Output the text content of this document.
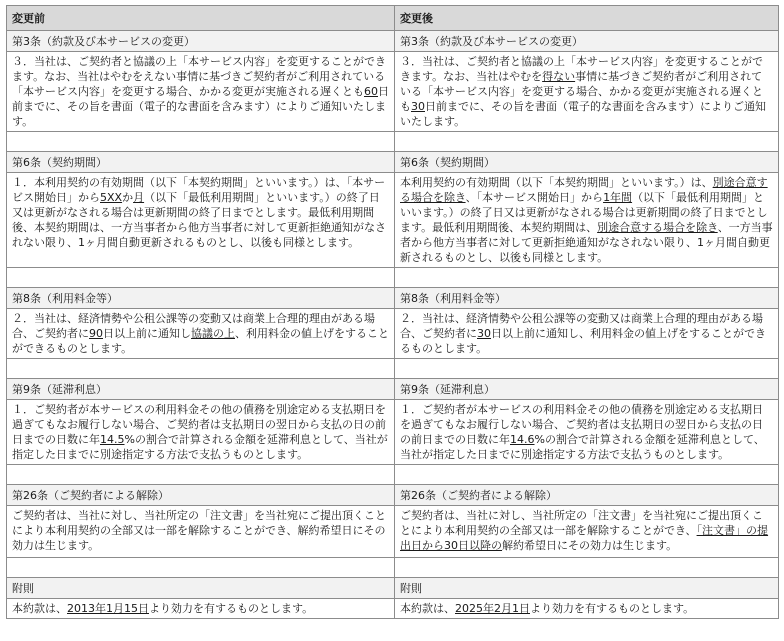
変更前	変更後
第3条（約款及び本サービスの変更）	第3条（約款及び本サービスの変更）
３．当社は、ご契約者と協議の上「本サービス内容」を変更することができます。なお、当社はやむをえない事情に基づきご契約者がご利用されている「本サービス内容」を変更する場合、かかる変更が実施される遅くとも60日前までに、その旨を書面（電子的な書面を含みます）によりご通知いたします。	３．当社は、ご契約者と協議の上「本サービス内容」を変更することができます。なお、当社はやむを得ない事情に基づきご契約者がご利用されている「本サービス内容」を変更する場合、かかる変更が実施される遅くとも30日前までに、その旨を書面（電子的な書面を含みます）によりご通知いたします。

第6条（契約期間）	第6条（契約期間）
１．本利用契約の有効期間（以下「本契約期間」といいます。）は、「本サービス開始日」から5XXか月（以下「最低利用期間」といいます。）の終了日又は更新がなされる場合は更新期間の終了日までとします。最低利用期間後、本契約期間は、一方当事者から他方当事者に対して更新拒絶通知がなされない限り、1ヶ月間自動更新されるものとし、以後も同様とします。	本利用契約の有効期間（以下「本契約期間」といいます。）は、別途合意する場合を除き、「本サービス開始日」から1年間（以下「最低利用期間」といいます。）の終了日又は更新がなされる場合は更新期間の終了日までとします。最低利用期間後、本契約期間は、別途合意する場合を除き、一方当事者から他方当事者に対して更新拒絶通知がなされない限り、1ヶ月間自動更新されるものとし、以後も同様とします。

第8条（利用料金等）	第8条（利用料金等）
２．当社は、経済情勢や公租公課等の変動又は商業上合理的理由がある場合、ご契約者に90日以上前に通知し協議の上、利用料金の値上げをすることができるものとします。	２．当社は、経済情勢や公租公課等の変動又は商業上合理的理由がある場合、ご契約者に30日以上前に通知し、利用料金の値上げをすることができるものとします。

第9条（延滞利息）	第9条（延滞利息）
１．ご契約者が本サービスの利用料金その他の債務を別途定める支払期日を過ぎてもなお履行しない場合、ご契約者は支払期日の翌日から支払の日の前日までの日数に年14.5%の割合で計算される金額を延滞利息として、当社が指定した日までに別途指定する方法で支払うものとします。	１．ご契約者が本サービスの利用料金その他の債務を別途定める支払期日を過ぎてもなお履行しない場合、ご契約者は支払期日の翌日から支払の日の前日までの日数に年14.6%の割合で計算される金額を延滞利息として、当社が指定した日までに別途指定する方法で支払うものとします。

第26条（ご契約者による解除）	第26条（ご契約者による解除）
ご契約者は、当社に対し、当社所定の「注文書」を当社宛にご提出頂くことにより本利用契約の全部又は一部を解除することができ、解約希望日にその効力は生じます。	ご契約者は、当社に対し、当社所定の「注文書」を当社宛にご提出頂くことにより本利用契約の全部又は一部を解除することができ、「注文書」の提出日から30日以降の解約希望日にその効力は生じます。

附則	附則
本約款は、2013年1月15日より効力を有するものとします。	本約款は、2025年2月1日より効力を有するものとします。
